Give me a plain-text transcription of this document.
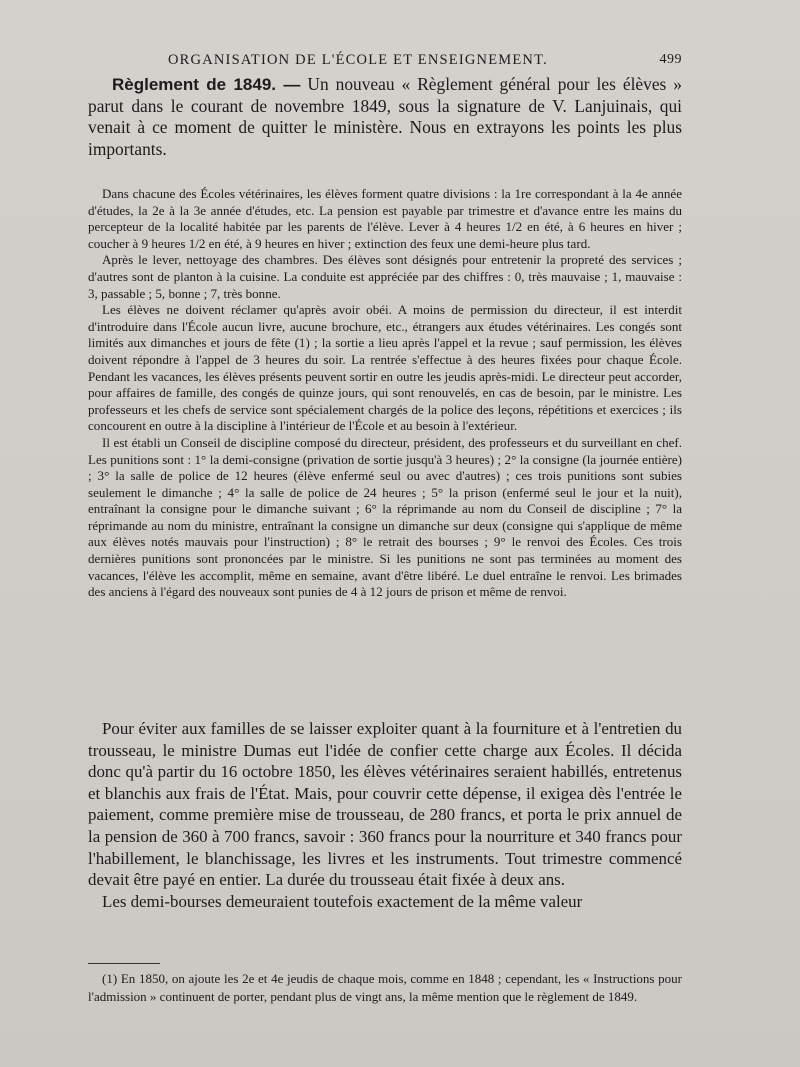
ORGANISATION DE L'ÉCOLE ET ENSEIGNEMENT.	499

Règlement de 1849. — Un nouveau « Règlement général pour les élèves » parut dans le courant de novembre 1849, sous la signature de V. Lanjuinais, qui venait à ce moment de quitter le ministère. Nous en extrayons les points les plus importants.

Dans chacune des Écoles vétérinaires, les élèves forment quatre divisions : la 1re correspondant à la 4e année d'études, la 2e à la 3e année d'études, etc. La pension est payable par trimestre et d'avance entre les mains du percepteur de la localité habitée par les parents de l'élève. Lever à 4 heures 1/2 en été, à 6 heures en hiver ; coucher à 9 heures 1/2 en été, à 9 heures en hiver ; extinction des feux une demi-heure plus tard.

Après le lever, nettoyage des chambres. Des élèves sont désignés pour entretenir la propreté des services ; d'autres sont de planton à la cuisine. La conduite est appréciée par des chiffres : 0, très mauvaise ; 1, mauvaise : 3, passable ; 5, bonne ; 7, très bonne.

Les élèves ne doivent réclamer qu'après avoir obéi. A moins de permission du directeur, il est interdit d'introduire dans l'École aucun livre, aucune brochure, etc., étrangers aux études vétérinaires. Les congés sont limités aux dimanches et jours de fête (1) ; la sortie a lieu après l'appel et la revue ; sauf permission, les élèves doivent répondre à l'appel de 3 heures du soir. La rentrée s'effectue à des heures fixées pour chaque École. Pendant les vacances, les élèves présents peuvent sortir en outre les jeudis après-midi. Le directeur peut accorder, pour affaires de famille, des congés de quinze jours, qui sont renouvelés, en cas de besoin, par le ministre. Les professeurs et les chefs de service sont spécialement chargés de la police des leçons, répétitions et exercices ; ils concourent en outre à la discipline à l'intérieur de l'École et au besoin à l'extérieur.

Il est établi un Conseil de discipline composé du directeur, président, des professeurs et du surveillant en chef. Les punitions sont : 1° la demi-consigne (privation de sortie jusqu'à 3 heures) ; 2° la consigne (la journée entière) ; 3° la salle de police de 12 heures (élève enfermé seul ou avec d'autres) ; ces trois punitions sont subies seulement le dimanche ; 4° la salle de police de 24 heures ; 5° la prison (enfermé seul le jour et la nuit), entraînant la consigne pour le dimanche suivant ; 6° la réprimande au nom du Conseil de discipline ; 7° la réprimande au nom du ministre, entraînant la consigne un dimanche sur deux (consigne qui s'applique de même aux élèves notés mauvais pour l'instruction) ; 8° le retrait des bourses ; 9° le renvoi des Écoles. Ces trois dernières punitions sont prononcées par le ministre. Si les punitions ne sont pas terminées au moment des vacances, l'élève les accomplit, même en semaine, avant d'être libéré. Le duel entraîne le renvoi. Les brimades des anciens à l'égard des nouveaux sont punies de 4 à 12 jours de prison et même de renvoi.

Pour éviter aux familles de se laisser exploiter quant à la fourniture et à l'entretien du trousseau, le ministre Dumas eut l'idée de confier cette charge aux Écoles. Il décida donc qu'à partir du 16 octobre 1850, les élèves vétérinaires seraient habillés, entretenus et blanchis aux frais de l'État. Mais, pour couvrir cette dépense, il exigea dès l'entrée le paiement, comme première mise de trousseau, de 280 francs, et porta le prix annuel de la pension de 360 à 700 francs, savoir : 360 francs pour la nourriture et 340 francs pour l'habillement, le blanchissage, les livres et les instruments. Tout trimestre commencé devait être payé en entier. La durée du trousseau était fixée à deux ans.

Les demi-bourses demeuraient toutefois exactement de la même valeur

(1) En 1850, on ajoute les 2e et 4e jeudis de chaque mois, comme en 1848 ; cependant, les « Instructions pour l'admission » continuent de porter, pendant plus de vingt ans, la même mention que le règlement de 1849.
